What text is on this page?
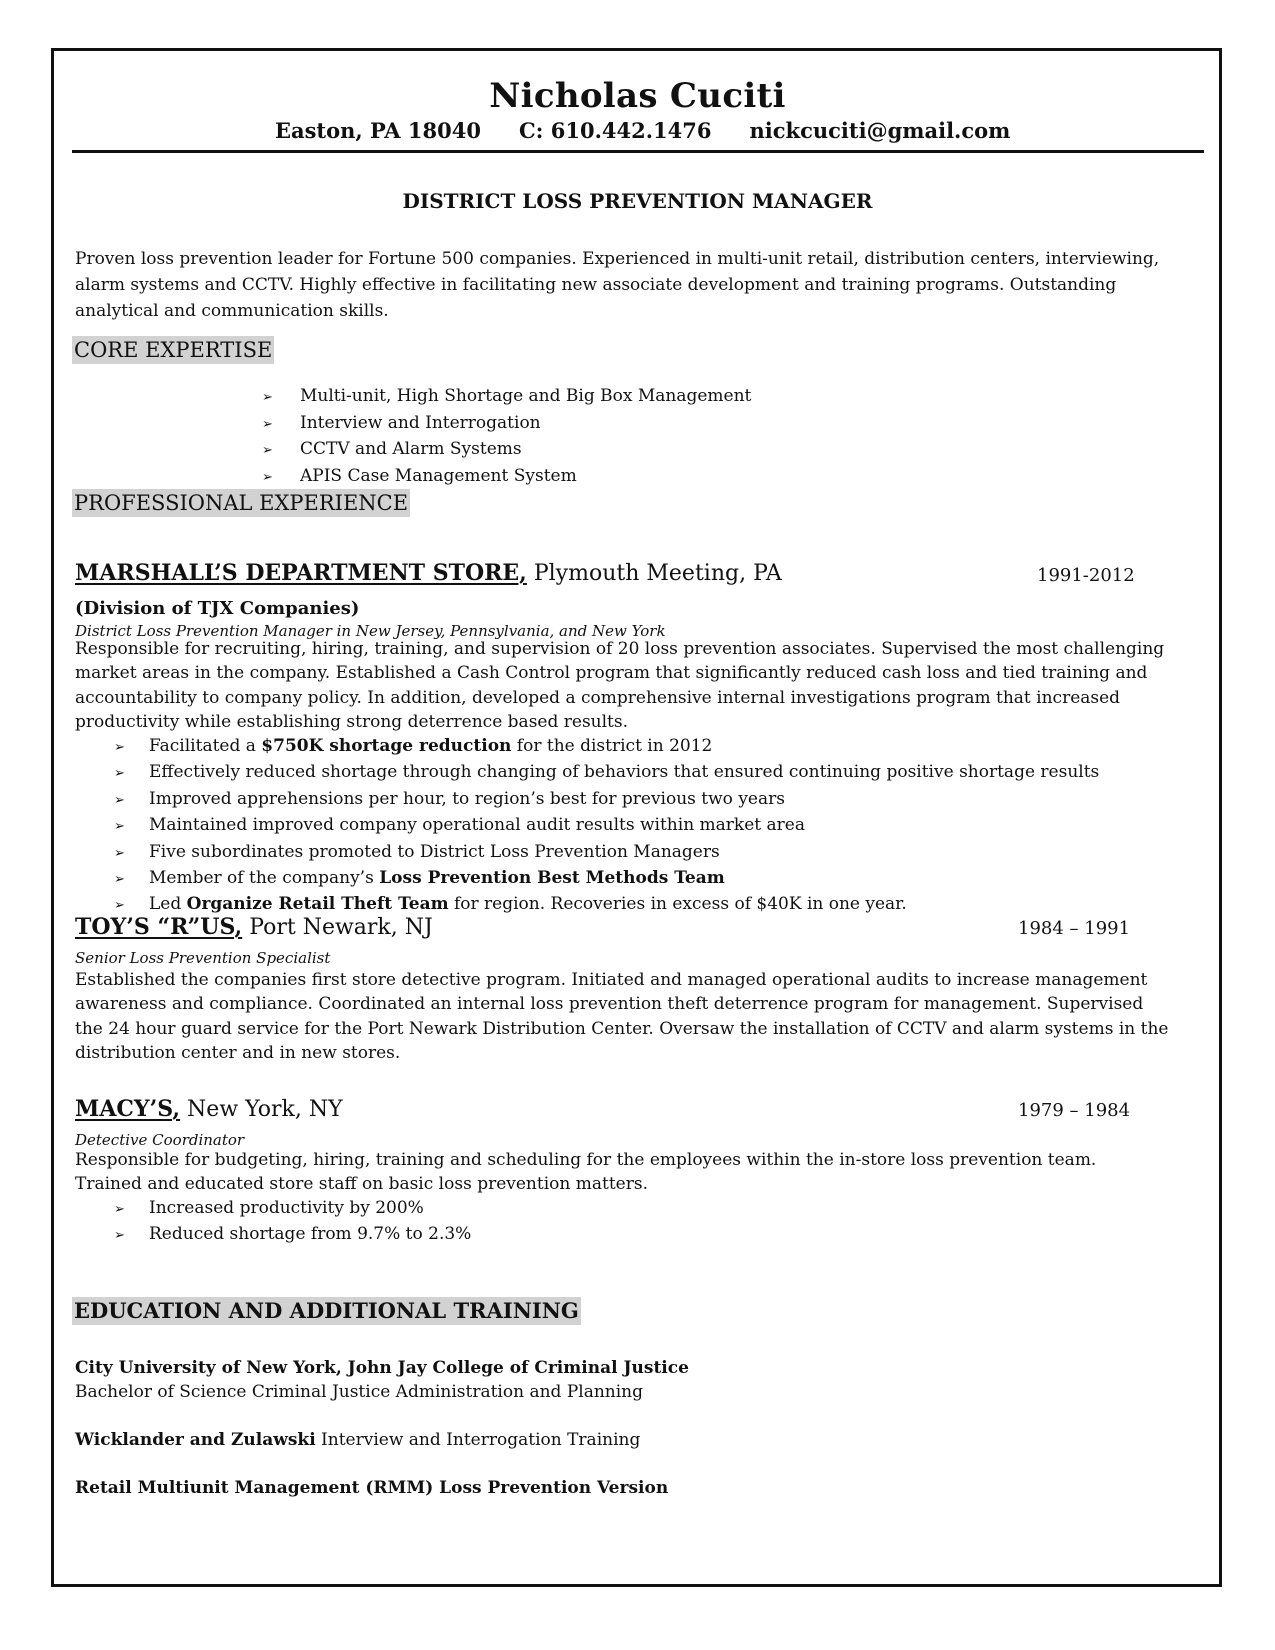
Nicholas Cuciti
Easton, PA 18040 C: 610.442.1476 nickcuciti@gmail.com
DISTRICT LOSS PREVENTION MANAGER
Proven loss prevention leader for Fortune 500 companies. Experienced in multi-unit retail, distribution centers, interviewing,
alarm systems and CCTV. Highly effective in facilitating new associate development and training programs. Outstanding
analytical and communication skills.
CORE EXPERTISE
➢	Multi-unit, High Shortage and Big Box Management
➢	Interview and Interrogation
➢	CCTV and Alarm Systems
➢	APIS Case Management System
PROFESSIONAL EXPERIENCE
MARSHALL’S DEPARTMENT STORE, Plymouth Meeting, PA	1991-2012
(Division of TJX Companies)
District Loss Prevention Manager in New Jersey, Pennsylvania, and New York
Responsible for recruiting, hiring, training, and supervision of 20 loss prevention associates. Supervised the most challenging
market areas in the company. Established a Cash Control program that significantly reduced cash loss and tied training and
accountability to company policy. In addition, developed a comprehensive internal investigations program that increased
productivity while establishing strong deterrence based results.
➢	Facilitated a $750K shortage reduction for the district in 2012
➢	Effectively reduced shortage through changing of behaviors that ensured continuing positive shortage results
➢	Improved apprehensions per hour, to region’s best for previous two years
➢	Maintained improved company operational audit results within market area
➢	Five subordinates promoted to District Loss Prevention Managers
➢	Member of the company’s Loss Prevention Best Methods Team
➢	Led Organize Retail Theft Team for region. Recoveries in excess of $40K in one year.
TOY’S “R”US, Port Newark, NJ	1984 – 1991
Senior Loss Prevention Specialist
Established the companies first store detective program. Initiated and managed operational audits to increase management
awareness and compliance. Coordinated an internal loss prevention theft deterrence program for management. Supervised
the 24 hour guard service for the Port Newark Distribution Center. Oversaw the installation of CCTV and alarm systems in the
distribution center and in new stores.
MACY’S, New York, NY	1979 – 1984
Detective Coordinator
Responsible for budgeting, hiring, training and scheduling for the employees within the in-store loss prevention team.
Trained and educated store staff on basic loss prevention matters.
➢	Increased productivity by 200%
➢	Reduced shortage from 9.7% to 2.3%
EDUCATION AND ADDITIONAL TRAINING
City University of New York, John Jay College of Criminal Justice
Bachelor of Science Criminal Justice Administration and Planning
Wicklander and Zulawski Interview and Interrogation Training
Retail Multiunit Management (RMM) Loss Prevention Version
